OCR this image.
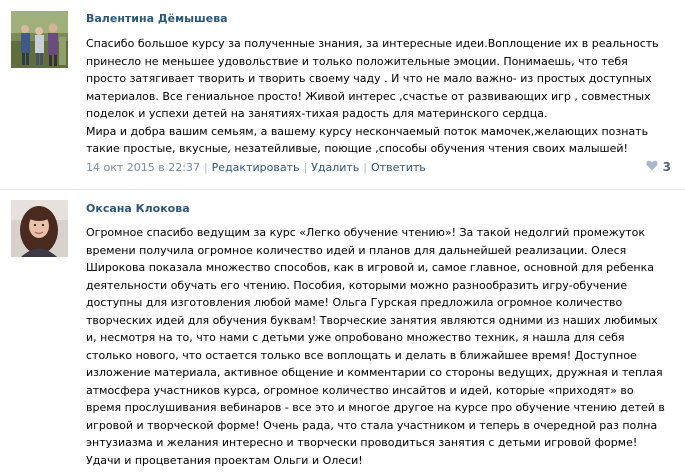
Валентина Дёмышева
Спасибо большое курсу за полученные знания, за интересные идеи.Воплощение их в реальность
принесло не меньшее удовольствие и только положительные эмоции. Понимаешь, что тебя
просто затягивает творить и творить своему чаду . И что не мало важно- из простых доступных
материалов. Все гениальное просто! Живой интерес ,счастье от развивающих игр , совместных
поделок и успехи детей на занятиях-тихая радость для материнского сердца.
Мира и добра вашим семьям, а вашему курсу нескончаемый поток мамочек,желающих познать
такие простые, вкусные, незатейливые, поющие ,способы обучения чтения своих малышей!
14 окт 2015 в 22:37 | Редактировать | Удалить | Ответить	3
Оксана Клокова
Огромное спасибо ведущим за курс «Легко обучение чтению»! За такой недолгий промежуток
времени получила огромное количество идей и планов для дальнейшей реализации. Олеся
Широкова показала множество способов, как в игровой и, самое главное, основной для ребенка
деятельности обучать его чтению. Пособия, которыми можно разнообразить игру-обучение
доступны для изготовления любой маме! Ольга Гурская предложила огромное количество
творческих идей для обучения буквам! Творческие занятия являются одними из наших любимых
и, несмотря на то, что нами с детьми уже опробовано множество техник, я нашла для себя
столько нового, что остается только все воплощать и делать в ближайшее время! Доступное
изложение материала, активное общение и комментарии со стороны ведущих, дружная и теплая
атмосфера участников курса, огромное количество инсайтов и идей, которые «приходят» во
время прослушивания вебинаров - все это и многое другое на курсе про обучение чтению детей в
игровой и творческой форме! Очень рада, что стала участником и теперь в очередной раз полна
энтузиазма и желания интересно и творчески проводиться занятия с детьми игровой форме!
Удачи и процветания проектам Ольги и Олеси!
